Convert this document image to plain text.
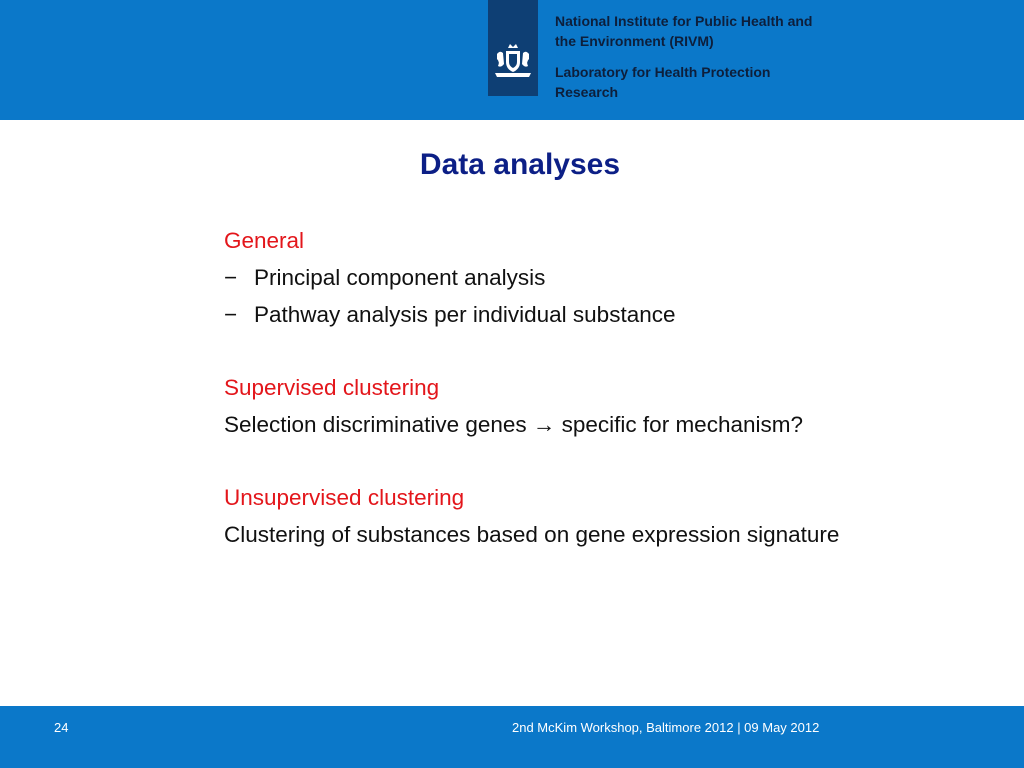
National Institute for Public Health and
the Environment (RIVM)
Laboratory for Health Protection
Research
Data analyses
General
− Principal component analysis
− Pathway analysis per individual substance
Supervised clustering
Selection discriminative genes → specific for mechanism?
Unsupervised clustering
Clustering of substances based on gene expression signature
24	2nd McKim Workshop, Baltimore 2012 | 09 May 2012
